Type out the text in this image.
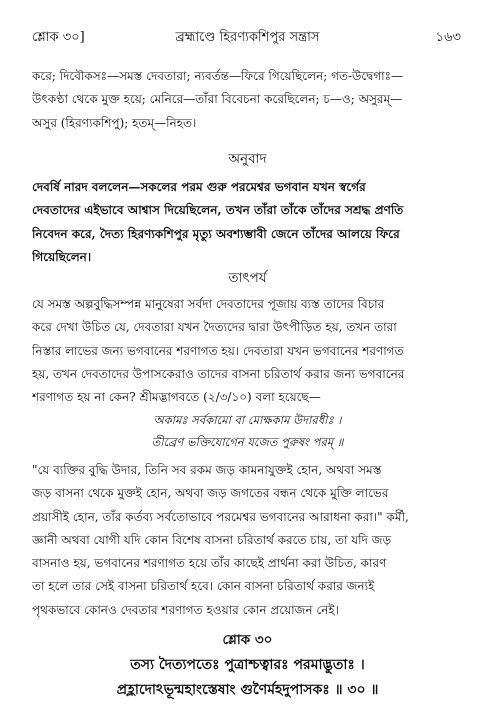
শ্লোক ৩০]	ব্রহ্মাণ্ডে হিরণ্যকশিপুর সন্ত্রাস	১৬৩
করে; দিবৌকসঃ—সমস্ত দেবতারা; ন্যবর্তন্ত—ফিরে গিয়েছিলেন; গত-উদ্বেগাঃ—
উৎকণ্ঠা থেকে মুক্ত হয়ে; মেনিরে—তাঁরা বিবেচনা করেছিলেন; চ—ও; অসুরম্—
অসুর (হিরণ্যকশিপু); হতম্—নিহত।
অনুবাদ
দেবর্ষি নারদ বললেন—সকলের পরম গুরু পরমেশ্বর ভগবান যখন স্বর্গের
দেবতাদের এইভাবে আশ্বাস দিয়েছিলেন, তখন তাঁরা তাঁকে তাঁদের সশ্রদ্ধ প্রণতি
নিবেদন করে, দৈত্য হিরণ্যকশিপুর মৃত্যু অবশ্যম্ভাবী জেনে তাঁদের আলয়ে ফিরে
গিয়েছিলেন।
তাৎপর্য
যে সমস্ত অল্পবুদ্ধিসম্পন্ন মানুষেরা সর্বদা দেবতাদের পূজায় ব্যস্ত তাদের বিচার
করে দেখা উচিত যে, দেবতারা যখন দৈত্যদের দ্বারা উৎপীড়িত হয়, তখন তারা
নিস্তার লাভের জন্য ভগবানের শরণাগত হয়। দেবতারা যখন ভগবানের শরণাগত
হয়, তখন দেবতাদের উপাসকেরাও তাদের বাসনা চরিতার্থ করার জন্য ভগবানের
শরণাগত হয় না কেন? শ্রীমদ্ভাগবতে (২/৩/১০) বলা হয়েছে—
অকামঃ সর্বকামো বা মোক্ষকাম উদারধীঃ ।
তীব্রেণ ভক্তিযোগেন যজেত পুরুষং পরম্ ॥
"যে ব্যক্তির বুদ্ধি উদার, তিনি সব রকম জড় কামনাযুক্তই হোন, অথবা সমস্ত
জড় বাসনা থেকে মুক্তই হোন, অথবা জড় জগতের বন্ধন থেকে মুক্তি লাভের
প্রয়াসীই হোন, তাঁর কর্তব্য সর্বতোভাবে পরমেশ্বর ভগবানের আরাধনা করা।" কর্মী,
জ্ঞানী অথবা যোগী যদি কোন বিশেষ বাসনা চরিতার্থ করতে চায়, তা যদি জড়
বাসনাও হয়, ভগবানের শরণাগত হয়ে তাঁর কাছেই প্রার্থনা করা উচিত, কারণ
তা হলে তার সেই বাসনা চরিতার্থ হবে। কোন বাসনা চরিতার্থ করার জন্যই
পৃথকভাবে কোনও দেবতার শরণাগত হওয়ার কোন প্রয়োজন নেই।
শ্লোক ৩০
তস্য দৈত্যপতেঃ পুত্রাশ্চত্বারঃ পরমাদ্ভুতাঃ ।
প্রহ্লাদোঽভূন্মহাংস্তেষাং গুণৈর্মহদুপাসকঃ ॥ ৩০ ॥
